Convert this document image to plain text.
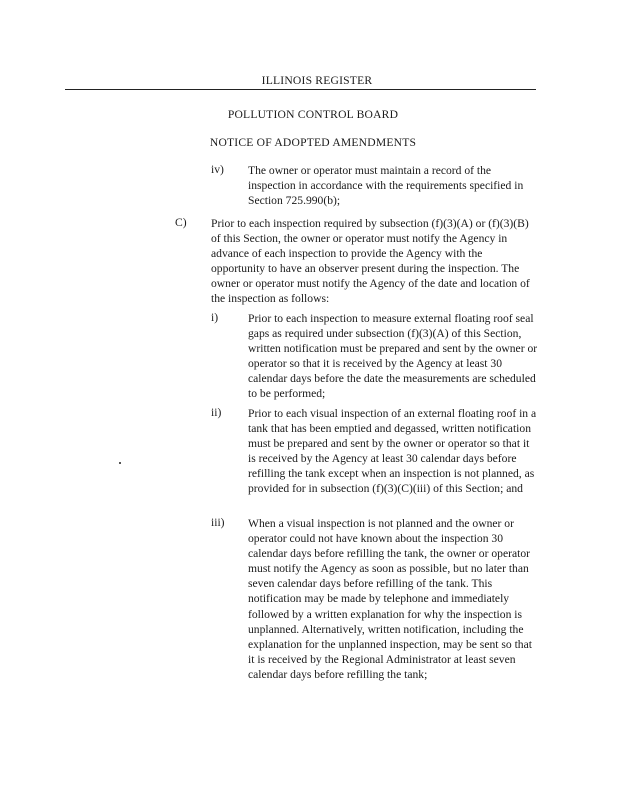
ILLINOIS REGISTER
POLLUTION CONTROL BOARD
NOTICE OF ADOPTED AMENDMENTS
iv) The owner or operator must maintain a record of the inspection in accordance with the requirements specified in Section 725.990(b);
C) Prior to each inspection required by subsection (f)(3)(A) or (f)(3)(B) of this Section, the owner or operator must notify the Agency in advance of each inspection to provide the Agency with the opportunity to have an observer present during the inspection. The owner or operator must notify the Agency of the date and location of the inspection as follows:
i)	Prior to each inspection to measure external floating roof seal gaps as required under subsection (f)(3)(A) of this Section, written notification must be prepared and sent by the owner or operator so that it is received by the Agency at least 30 calendar days before the date the measurements are scheduled to be performed;
ii) Prior to each visual inspection of an external floating roof in a tank that has been emptied and degassed, written notification must be prepared and sent by the owner or operator so that it is received by the Agency at least 30 calendar days before refilling the tank except when an inspection is not planned, as provided for in subsection (f)(3)(C)(iii) of this Section; and
iii) When a visual inspection is not planned and the owner or operator could not have known about the inspection 30 calendar days before refilling the tank, the owner or operator must notify the Agency as soon as possible, but no later than seven calendar days before refilling of the tank. This notification may be made by telephone and immediately followed by a written explanation for why the inspection is unplanned. Alternatively, written notification, including the explanation for the unplanned inspection, may be sent so that it is received by the Regional Administrator at least seven calendar days before refilling the tank;
